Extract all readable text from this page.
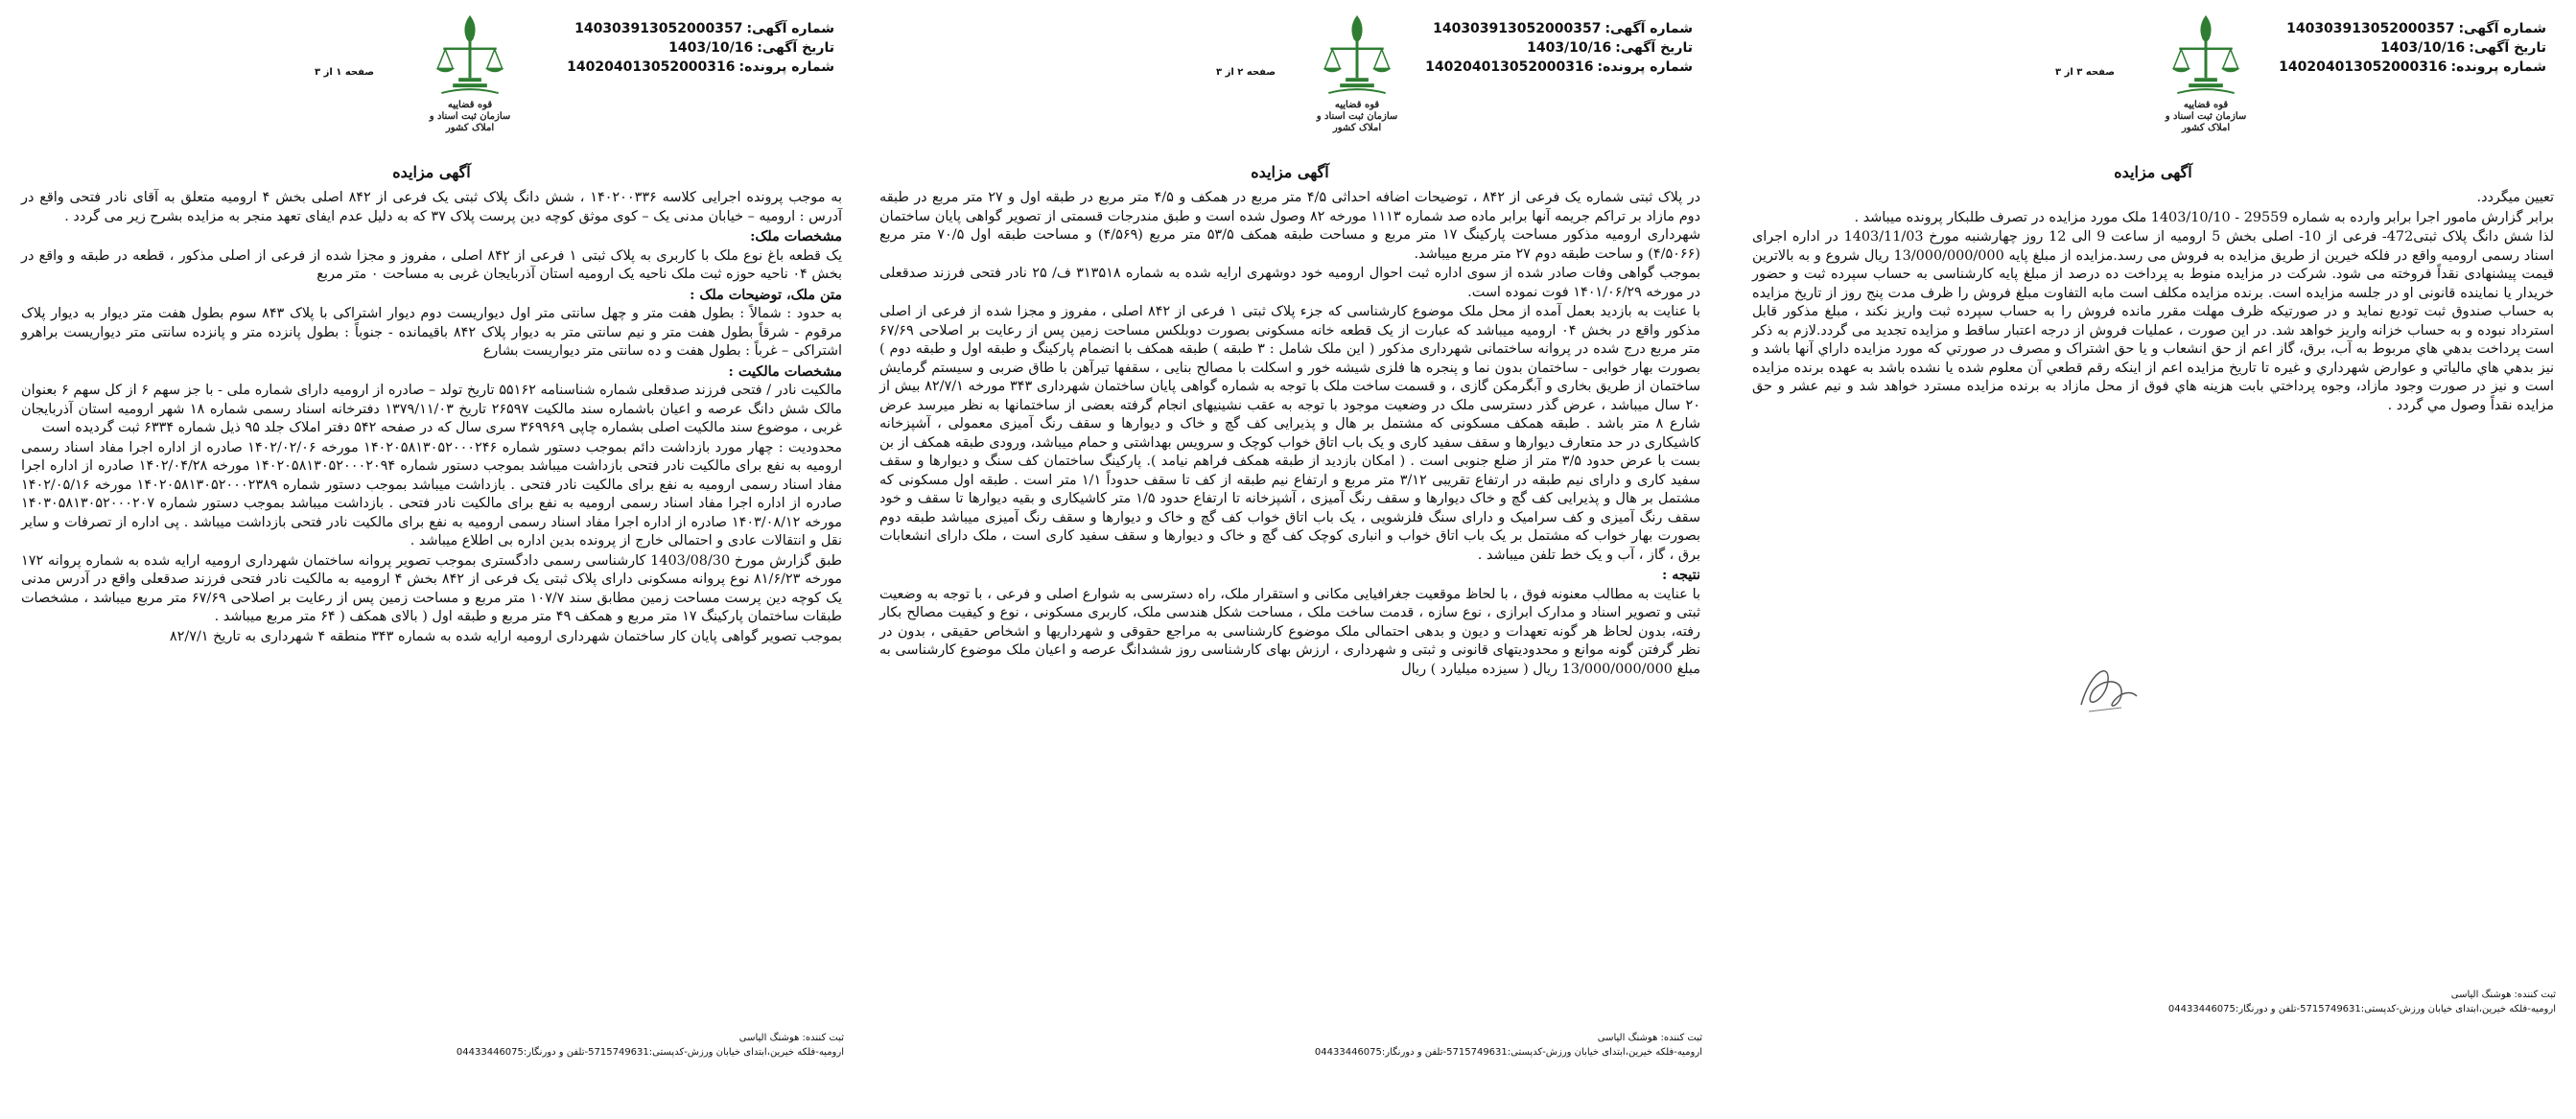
شماره آگهی:140303913052000357
تاریخ آگهی:1403/10/16
شماره پرونده:140204013052000316
قوه قضاییه
سازمان ثبت اسناد و املاک کشور
صفحه ۱ از ۳
آگهی مزایده

به موجب پرونده اجرایی کلاسه ۱۴۰۲۰۰۳۳۶ ، شش دانگ پلاک ثبتی یک فرعی از ۸۴۲ اصلی بخش ۴ ارومیه متعلق به آقای نادر فتحی واقع در آدرس : ارومیه – خیابان مدنی یک – کوی موثق کوچه دین پرست پلاک ۳۷ که به دلیل عدم ایفای تعهد منجر به مزایده بشرح زیر می گردد .

مشخصات ملک:

یک قطعه باغ نوع ملک با کاربری به پلاک ثبتی ۱ فرعی از ۸۴۲ اصلی ، مفروز و مجزا شده از فرعی از اصلی مذکور ، قطعه در طبقه و واقع در بخش ۰۴ ناحیه حوزه ثبت ملک ناحیه یک ارومیه استان آذربایجان غربی به مساحت ۰ متر مربع

متن ملک، توضیحات ملک :

به حدود : شمالاً : بطول هفت متر و چهل سانتی متر اول دیواریست دوم دیوار اشتراکی با پلاک ۸۴۳ سوم بطول هفت متر دیوار به دیوار پلاک مرقوم - شرقاً بطول هفت متر و نیم سانتی متر به دیوار پلاک ۸۴۲ باقیمانده - جنوباً : بطول پانزده متر و پانزده سانتی متر دیواریست براهرو اشتراکی – غرباً : بطول هفت و ده سانتی متر دیواریست بشارع

مشخصات مالکیت :

مالکیت نادر / فتحی فرزند صدقعلی شماره شناسنامه ۵۵۱۶۲ تاریخ تولد – صادره از ارومیه دارای شماره ملی - با جز سهم ۶ از کل سهم ۶ بعنوان مالک شش دانگ عرصه و اعیان باشماره سند مالکیت ۲۶۵۹۷ تاریخ ۱۳۷۹/۱۱/۰۳ دفترخانه اسناد رسمی شماره ۱۸ شهر ارومیه استان آذربایجان غربی ، موضوع سند مالکیت اصلی بشماره چاپی ۳۶۹۹۶۹ سری سال که در صفحه ۵۴۲ دفتر املاک جلد ۹۵ ذیل شماره ۶۳۳۴ ثبت گردیده است

محدودیت : چهار مورد بازداشت دائم بموجب دستور شماره ۱۴۰۲۰۵۸۱۳۰۵۲۰۰۰۲۴۶ مورخه ۱۴۰۲/۰۲/۰۶ صادره از اداره اجرا مفاد اسناد رسمی ارومیه به نفع برای مالکیت نادر فتحی بازداشت میباشد بموجب دستور شماره ۱۴۰۲۰۵۸۱۳۰۵۲۰۰۰۲۰۹۴ مورخه ۱۴۰۲/۰۴/۲۸ صادره از اداره اجرا مفاد اسناد رسمی ارومیه به نفع برای مالکیت نادر فتحی . بازداشت میباشد بموجب دستور شماره ۱۴۰۲۰۵۸۱۳۰۵۲۰۰۰۲۳۸۹ مورخه ۱۴۰۲/۰۵/۱۶ صادره از اداره اجرا مفاد اسناد رسمی ارومیه به نفع برای مالکیت نادر فتحی . بازداشت میباشد بموجب دستور شماره ۱۴۰۳۰۵۸۱۳۰۵۲۰۰۰۲۰۷ مورخه ۱۴۰۳/۰۸/۱۲ صادره از اداره اجرا مفاد اسناد رسمی ارومیه به نفع برای مالکیت نادر فتحی بازداشت میباشد . پی اداره از تصرفات و سایر نقل و انتقالات عادی و احتمالی خارج از پرونده بدین اداره بی اطلاع میباشد .

طبق گزارش مورخ 1403/08/30 کارشناسی رسمی دادگستری بموجب تصویر پروانه ساختمان شهرداری ارومیه ارایه شده به شماره پروانه ۱۷۲ مورخه ۸۱/۶/۲۳ نوع پروانه مسکونی دارای پلاک ثبتی یک فرعی از ۸۴۲ بخش ۴ ارومیه به مالکیت نادر فتحی فرزند صدقعلی واقع در آدرس مدنی یک کوچه دین پرست مساحت زمین مطابق سند ۱۰۷/۷ متر مربع و مساحت زمین پس از رعایت بر اصلاحی ۶۷/۶۹ متر مربع میباشد ، مشخصات طبقات ساختمان پارکینگ ۱۷ متر مربع و همکف ۴۹ متر مربع و طبقه اول ( بالای همکف ( ۶۴ متر مربع میباشد .

بموجب تصویر گواهی پایان کار ساختمان شهرداری ارومیه ارایه شده به شماره ۳۴۳ منطقه ۴ شهرداری به تاریخ ۸۲/۷/۱

ثبت کننده: هوشنگ الیاسی
ارومیه-فلکه خیرین،ابتدای خیابان ورزش-کدپستی:5715749631-تلفن و دورنگار:04433446075
شماره آگهی:140303913052000357
تاریخ آگهی:1403/10/16
شماره پرونده:140204013052000316
قوه قضاییه
سازمان ثبت اسناد و املاک کشور
صفحه ۲ از ۳
آگهی مزایده

در پلاک ثبتی شماره یک فرعی از ۸۴۲ ، توضیحات اضافه احداثی ۴/۵ متر مربع در همکف و ۴/۵ متر مربع در طبقه اول و ۲۷ متر مربع در طبقه دوم مازاد بر تراکم جریمه آنها برابر ماده صد شماره ۱۱۱۳ مورخه ۸۲ وصول شده است و طبق مندرجات قسمتی از تصویر گواهی پایان ساختمان شهرداری ارومیه مذکور مساحت پارکینگ ۱۷ متر مربع و مساحت طبقه همکف ۵۳/۵ متر مربع (۴/۵۶۹) و مساحت طبقه اول ۷۰/۵ متر مربع (۴/۵۰۶۶) و ساحت طبقه دوم ۲۷ متر مربع میباشد.

بموجب گواهی وفات صادر شده از سوی اداره ثبت احوال ارومیه خود دوشهری ارایه شده به شماره ۳۱۳۵۱۸ ف/ ۲۵ نادر فتحی فرزند صدقعلی در مورخه ۱۴۰۱/۰۶/۲۹ فوت نموده است.

با عنایت به بازدید بعمل آمده از محل ملک موضوع کارشناسی که جزء پلاک ثبتی ۱ فرعی از ۸۴۲ اصلی ، مفروز و مجزا شده از فرعی از اصلی مذکور واقع در بخش ۰۴ ارومیه میباشد که عبارت از یک قطعه خانه مسکونی بصورت دوبلکس مساحت زمین پس از رعایت بر اصلاحی ۶۷/۶۹ متر مربع درج شده در پروانه ساختمانی شهرداری مذکور ( این ملک شامل : ۳ طبقه ) طبقه همکف با انضمام پارکینگ و طبقه اول و طبقه دوم ) بصورت بهار خوابی - ساختمان بدون نما و پنجره ها فلزی شیشه خور و اسکلت با مصالح بنایی ، سقفها تیرآهن با طاق ضربی و سیستم گرمایش ساختمان از طریق بخاری و آبگرمکن گازی ، و قسمت ساخت ملک با توجه به شماره گواهی پایان ساختمان شهرداری ۳۴۳ مورخه ۸۲/۷/۱ بیش از ۲۰ سال میباشد ، عرض گذر دسترسی ملک در وضعیت موجود با توجه به عقب نشینیهای انجام گرفته بعضی از ساختمانها به نظر میرسد عرض شارع ۸ متر باشد . طبقه همکف مسکونی که مشتمل بر هال و پذیرایی کف گچ و خاک و دیوارها و سقف رنگ آمیزی معمولی ، آشپزخانه کاشیکاری در حد متعارف دیوارها و سقف سفید کاری و یک باب اتاق خواب کوچک و سرویس بهداشتی و حمام میباشد، ورودی طبقه همکف از بن بست با عرض حدود ۳/۵ متر از ضلع جنوبی است . ( امکان بازدید از طبقه همکف فراهم نیامد ). پارکینگ ساختمان کف سنگ و دیوارها و سقف سفید کاری و دارای نیم طبقه در ارتفاع تقریبی ۳/۱۲ متر مربع و ارتفاع نیم طبقه از کف تا سقف حدوداً ۱/۱ متر است . طبقه اول مسکونی که مشتمل بر هال و پذیرایی کف گچ و خاک دیوارها و سقف رنگ آمیزی ، آشپزخانه تا ارتفاع حدود ۱/۵ متر کاشیکاری و بقیه دیوارها تا سقف و خود سقف رنگ آمیزی و کف سرامیک و دارای سنگ فلزشویی ، یک باب اتاق خواب کف گچ و خاک و دیوارها و سقف رنگ آمیزی میباشد طبقه دوم بصورت بهار خواب که مشتمل بر یک باب اتاق خواب و انباری کوچک کف گچ و خاک و دیوارها و سقف سفید کاری است ، ملک دارای انشعابات برق ، گاز ، آب و یک خط تلفن میباشد .

نتیجه :

با عنایت به مطالب معنونه فوق ، با لحاظ موقعیت جغرافیایی مکانی و استقرار ملک، راه دسترسی به شوارع اصلی و فرعی ، با توجه به وضعیت ثبتی و تصویر اسناد و مدارک ابرازی ، نوع سازه ، قدمت ساخت ملک ، مساحت شکل هندسی ملک، کاربری مسکونی ، نوع و کیفیت مصالح بکار رفته، بدون لحاظ هر گونه تعهدات و دیون و بدهی احتمالی ملک موضوع کارشناسی به مراجع حقوقی و شهرداریها و اشخاص حقیقی ، بدون در نظر گرفتن گونه موانع و محدودیتهای قانونی و ثبتی و شهرداری ، ارزش بهای کارشناسی روز ششدانگ عرصه و اعیان ملک موضوع کارشناسی به مبلغ 13/000/000/000 ریال ( سیزده میلیارد ) ریال

ثبت کننده: هوشنگ الیاسی
ارومیه-فلکه خیرین،ابتدای خیابان ورزش-کدپستی:5715749631-تلفن و دورنگار:04433446075
شماره آگهی:140303913052000357
تاریخ آگهی:1403/10/16
شماره پرونده:140204013052000316
قوه قضاییه
سازمان ثبت اسناد و املاک کشور
صفحه ۳ از ۳
آگهی مزایده

تعیین میگردد.

برابر گزارش مامور اجرا برابر وارده به شماره 29559 - 1403/10/10 ملک مورد مزایده در تصرف طلبکار پرونده میباشد .

لذا شش دانگ پلاک ثبتی472- فرعی از 10- اصلی بخش 5 ارومیه از ساعت 9 الی 12 روز چهارشنبه مورخ 1403/11/03 در اداره اجرای اسناد رسمی ارومیه واقع در فلکه خیرین از طریق مزایده به فروش می رسد.مزایده از مبلغ پایه 13/000/000/000 ریال شروع و به بالاترین قیمت پیشنهادی نقداً فروخته می شود. شرکت در مزایده منوط به پرداخت ده درصد از مبلغ پایه کارشناسی به حساب سپرده ثبت و حضور خریدار یا نماینده قانونی او در جلسه مزایده است. برنده مزایده مکلف است مابه التفاوت مبلغ فروش را ظرف مدت پنج روز از تاریخ مزایده به حساب صندوق ثبت تودیع نماید و در صورتیکه ظرف مهلت مقرر مانده فروش را به حساب سپرده ثبت واریز نکند ، مبلغ مذکور قابل استرداد نبوده و به حساب خزانه واریز خواهد شد. در این صورت ، عملیات فروش از درجه اعتبار ساقط و مزایده تجدید می گردد.لازم به ذکر است پرداخت بدهي هاي مربوط به آب، برق، گاز اعم از حق انشعاب و يا حق اشتراک و مصرف در صورتي که مورد مزايده داراي آنها باشد و نيز بدهي هاي مالياتي و عوارض شهرداري و غيره تا تاريخ مزايده اعم از اينکه رقم قطعي آن معلوم شده يا نشده باشد به عهده برنده مزايده است و نيز در صورت وجود مازاد، وجوه پرداختي بابت هزينه هاي فوق از محل مازاد به برنده مزايده مسترد خواهد شد و نيم عشر و حق مزايده نقداً وصول مي گردد .

ثبت کننده: هوشنگ الیاسی
ارومیه-فلکه خیرین،ابتدای خیابان ورزش-کدپستی:5715749631-تلفن و دورنگار:04433446075
